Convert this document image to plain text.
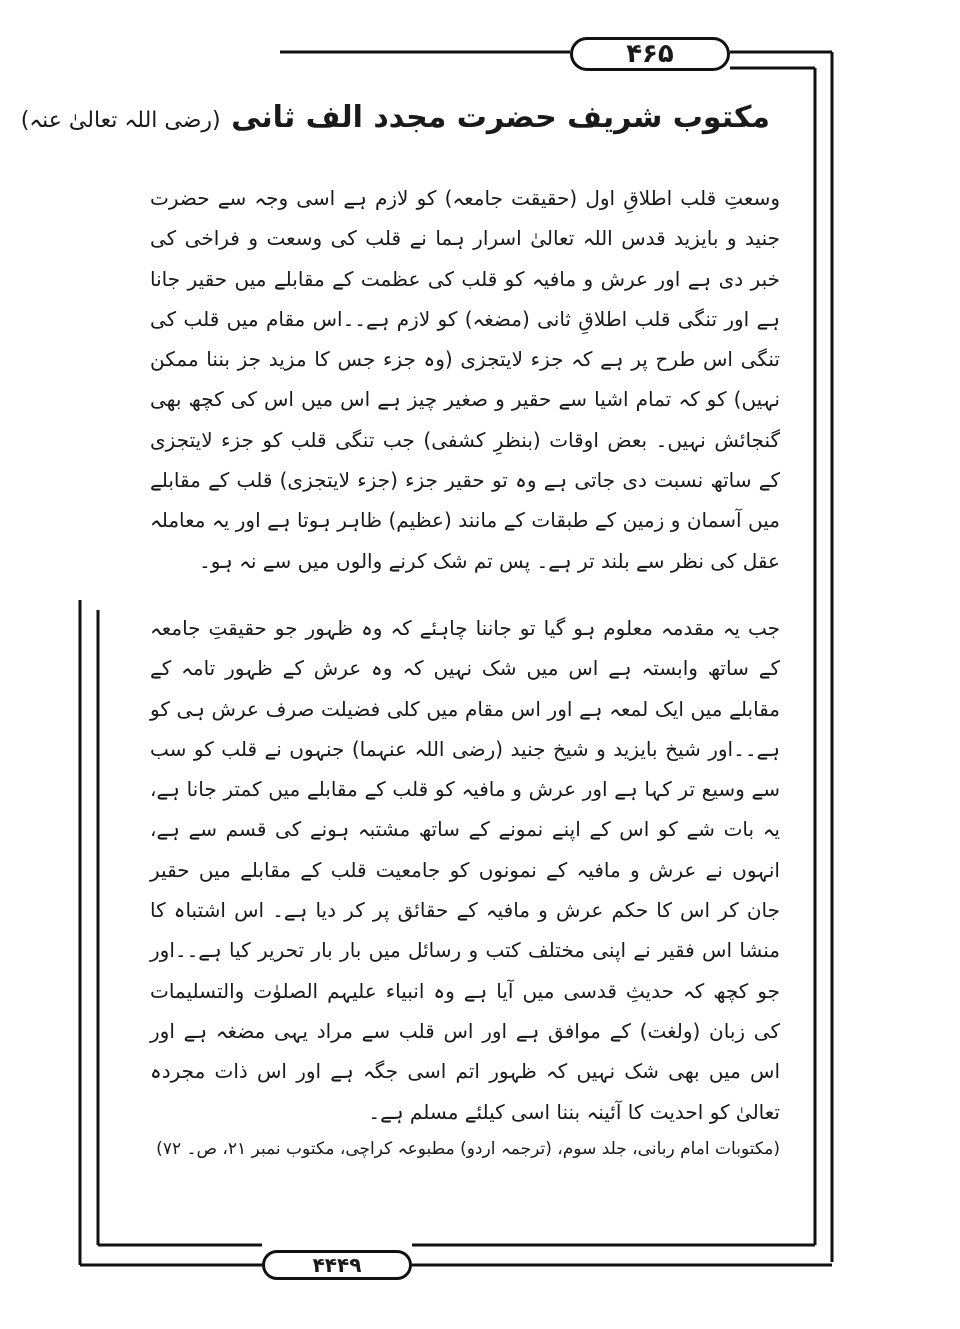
۴۶۵
مکتوب شریف حضرت مجدد الف ثانی (رضی اللہ تعالیٰ عنہ)

وسعتِ قلب اطلاقِ اول (حقیقت جامعہ) کو لازم ہے اسی وجہ سے حضرت جنید و بایزید قدس اللہ تعالیٰ اسرار ہما نے قلب کی وسعت و فراخی کی خبر دی ہے اور عرش و مافیہ کو قلب کی عظمت کے مقابلے میں حقیر جانا ہے اور تنگی قلب اطلاقِ ثانی (مضغہ) کو لازم ہے۔۔اس مقام میں قلب کی تنگی اس طرح پر ہے کہ جزء لایتجزی (وہ جزء جس کا مزید جز بننا ممکن نہیں) کو کہ تمام اشیا سے حقیر و صغیر چیز ہے اس میں اس کی کچھ بھی گنجائش نہیں۔ بعض اوقات (بنظرِ کشفی) جب تنگی قلب کو جزء لایتجزی کے ساتھ نسبت دی جاتی ہے وہ تو حقیر جزء (جزء لایتجزی) قلب کے مقابلے میں آسمان و زمین کے طبقات کے مانند (عظیم) ظاہر ہوتا ہے اور یہ معاملہ عقل کی نظر سے بلند تر ہے۔ پس تم شک کرنے والوں میں سے نہ ہو۔

جب یہ مقدمہ معلوم ہو گیا تو جاننا چاہئے کہ وہ ظہور جو حقیقتِ جامعہ کے ساتھ وابستہ ہے اس میں شک نہیں کہ وہ عرش کے ظہور تامہ کے مقابلے میں ایک لمعہ ہے اور اس مقام میں کلی فضیلت صرف عرش ہی کو ہے۔۔اور شیخ بایزید و شیخ جنید (رضی اللہ عنہما) جنہوں نے قلب کو سب سے وسیع تر کہا ہے اور عرش و مافیہ کو قلب کے مقابلے میں کمتر جانا ہے، یہ بات شے کو اس کے اپنے نمونے کے ساتھ مشتبہ ہونے کی قسم سے ہے، انہوں نے عرش و مافیہ کے نمونوں کو جامعیت قلب کے مقابلے میں حقیر جان کر اس کا حکم عرش و مافیہ کے حقائق پر کر دیا ہے۔ اس اشتباہ کا منشا اس فقیر نے اپنی مختلف کتب و رسائل میں بار بار تحریر کیا ہے۔۔اور جو کچھ کہ حدیثِ قدسی میں آیا ہے وہ انبیاء علیہم الصلوٰت والتسلیمات کی زبان (ولغت) کے موافق ہے اور اس قلب سے مراد یہی مضغہ ہے اور اس میں بھی شک نہیں کہ ظہور اتم اسی جگہ ہے اور اس ذات مجردہ تعالیٰ کو احدیت کا آئینہ بننا اسی کیلئے مسلم ہے۔

(مکتوبات امام ربانی، جلد سوم، (ترجمہ اردو) مطبوعہ کراچی، مکتوب نمبر ۲۱، ص۔ ۷۲)
۴۴۴۹
